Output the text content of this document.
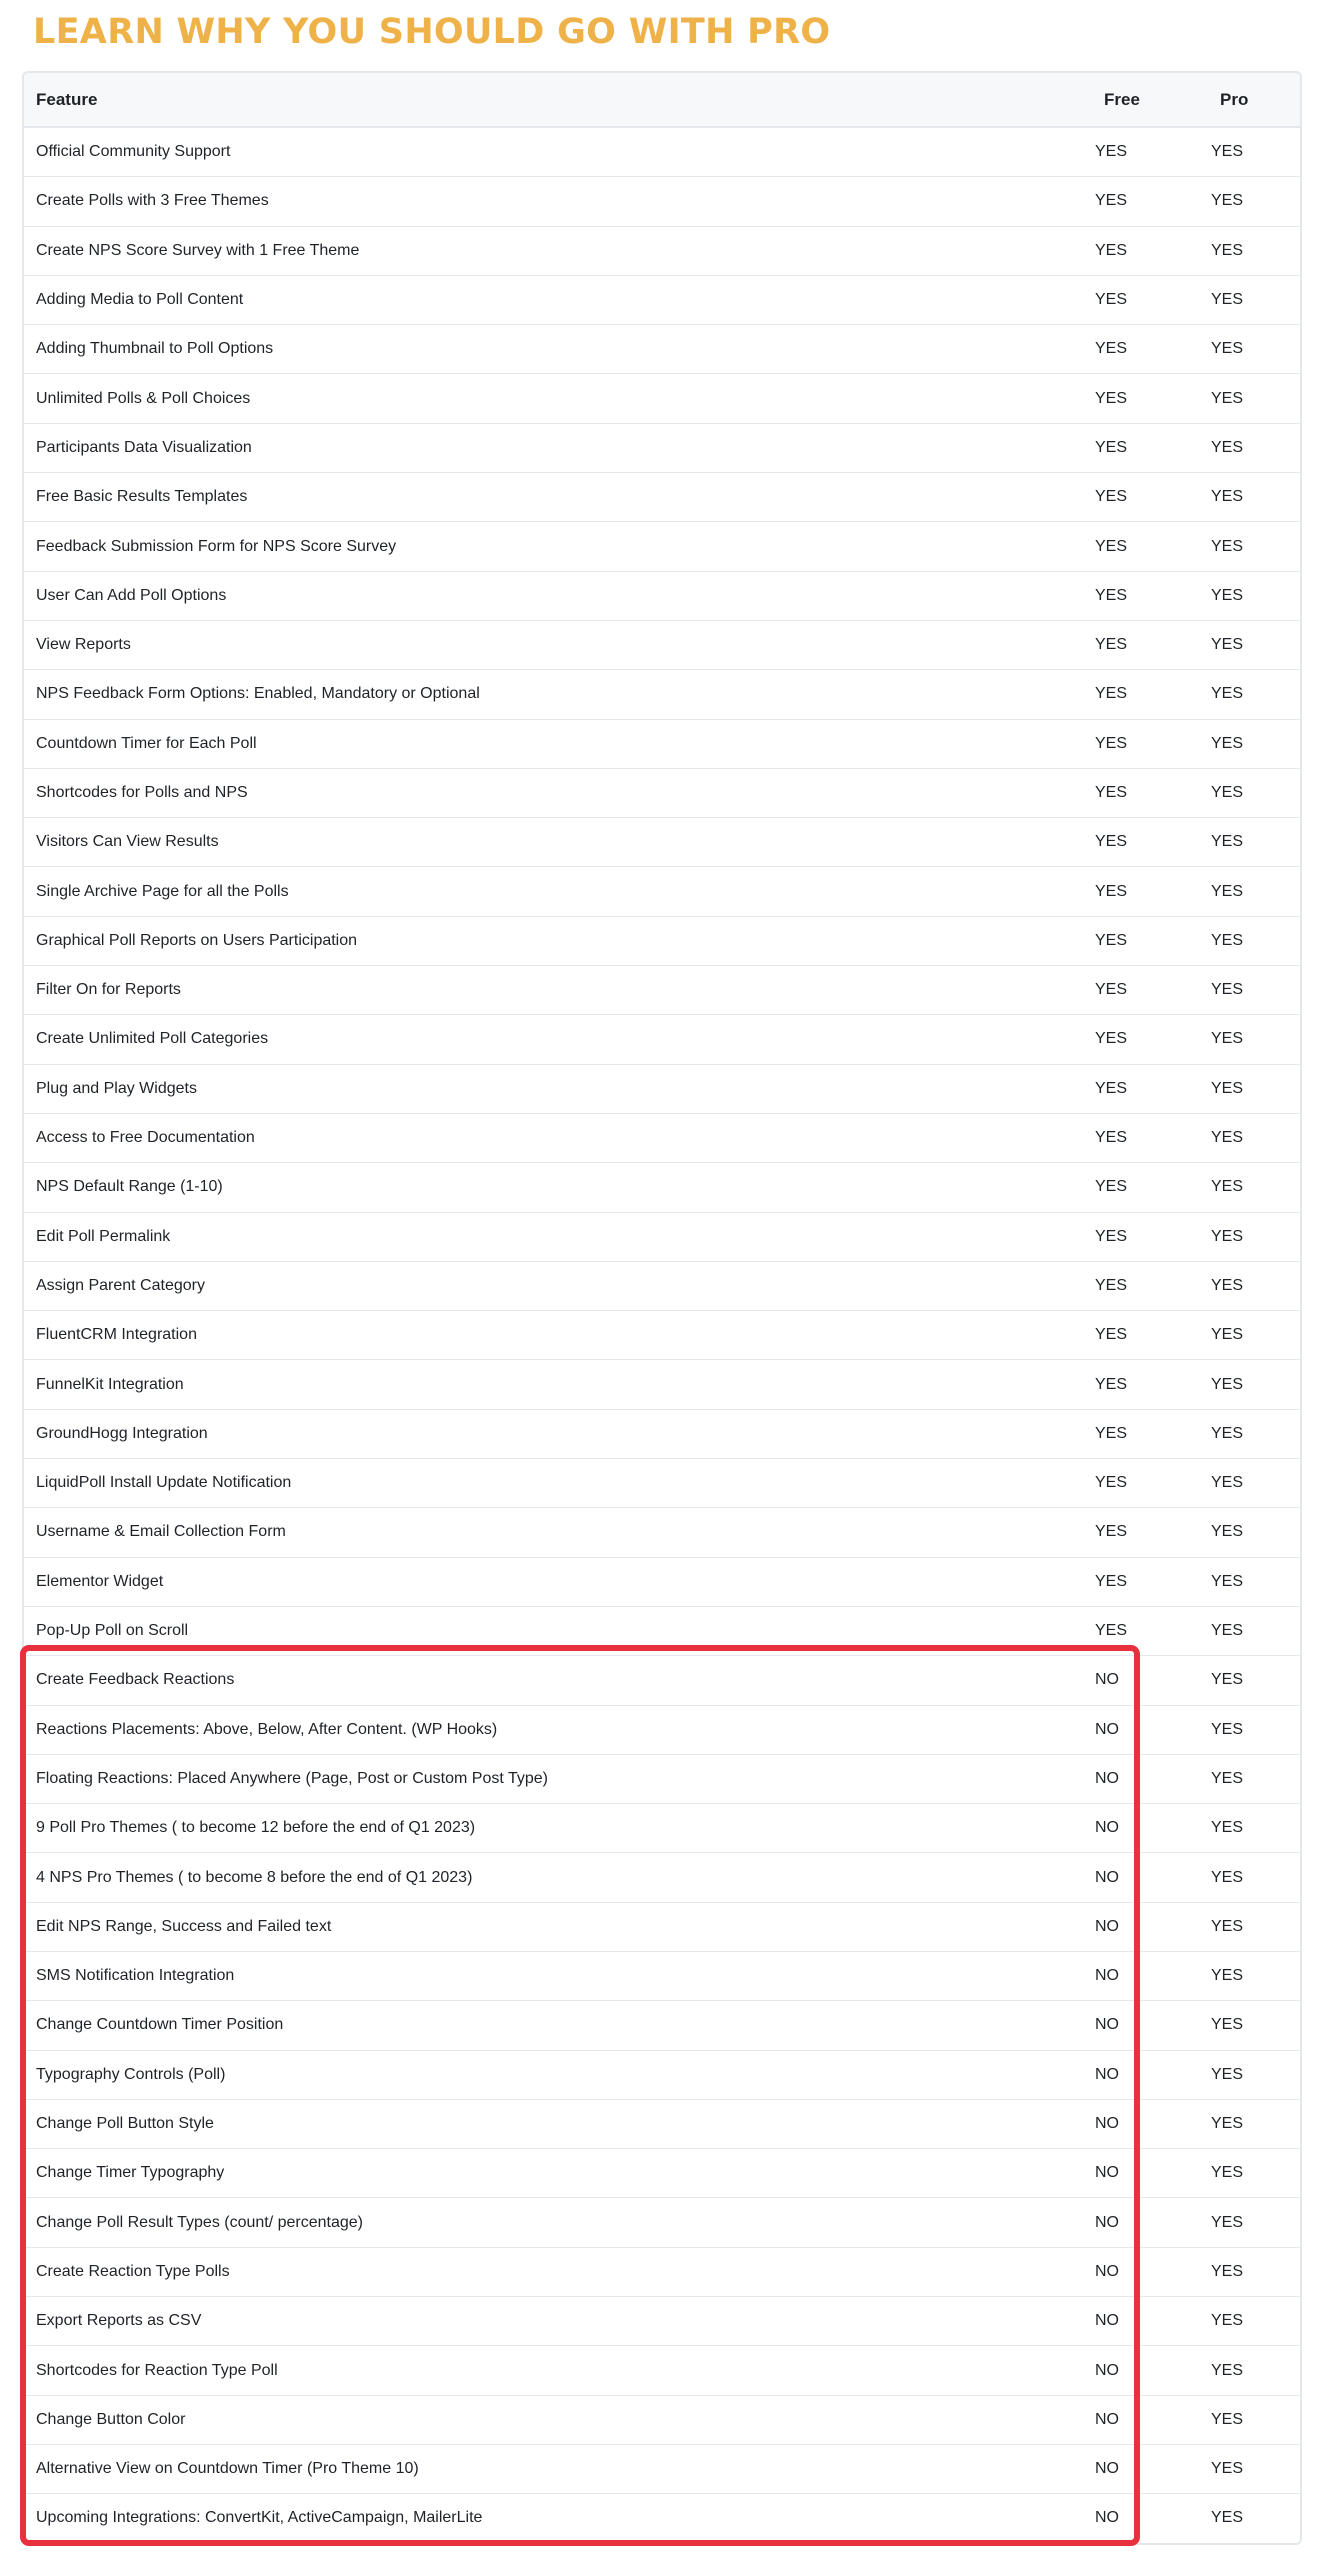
LEARN WHY YOU SHOULD GO WITH PRO
Feature	Free	Pro
Official Community Support	YES	YES
Create Polls with 3 Free Themes	YES	YES
Create NPS Score Survey with 1 Free Theme	YES	YES
Adding Media to Poll Content	YES	YES
Adding Thumbnail to Poll Options	YES	YES
Unlimited Polls & Poll Choices	YES	YES
Participants Data Visualization	YES	YES
Free Basic Results Templates	YES	YES
Feedback Submission Form for NPS Score Survey	YES	YES
User Can Add Poll Options	YES	YES
View Reports	YES	YES
NPS Feedback Form Options: Enabled, Mandatory or Optional	YES	YES
Countdown Timer for Each Poll	YES	YES
Shortcodes for Polls and NPS	YES	YES
Visitors Can View Results	YES	YES
Single Archive Page for all the Polls	YES	YES
Graphical Poll Reports on Users Participation	YES	YES
Filter On for Reports	YES	YES
Create Unlimited Poll Categories	YES	YES
Plug and Play Widgets	YES	YES
Access to Free Documentation	YES	YES
NPS Default Range (1-10)	YES	YES
Edit Poll Permalink	YES	YES
Assign Parent Category	YES	YES
FluentCRM Integration	YES	YES
FunnelKit Integration	YES	YES
GroundHogg Integration	YES	YES
LiquidPoll Install Update Notification	YES	YES
Username & Email Collection Form	YES	YES
Elementor Widget	YES	YES
Pop-Up Poll on Scroll	YES	YES
Create Feedback Reactions	NO	YES
Reactions Placements: Above, Below, After Content. (WP Hooks)	NO	YES
Floating Reactions: Placed Anywhere (Page, Post or Custom Post Type)	NO	YES
9 Poll Pro Themes ( to become 12 before the end of Q1 2023)	NO	YES
4 NPS Pro Themes ( to become 8 before the end of Q1 2023)	NO	YES
Edit NPS Range, Success and Failed text	NO	YES
SMS Notification Integration	NO	YES
Change Countdown Timer Position	NO	YES
Typography Controls (Poll)	NO	YES
Change Poll Button Style	NO	YES
Change Timer Typography	NO	YES
Change Poll Result Types (count/ percentage)	NO	YES
Create Reaction Type Polls	NO	YES
Export Reports as CSV	NO	YES
Shortcodes for Reaction Type Poll	NO	YES
Change Button Color	NO	YES
Alternative View on Countdown Timer (Pro Theme 10)	NO	YES
Upcoming Integrations: ConvertKit, ActiveCampaign, MailerLite	NO	YES
